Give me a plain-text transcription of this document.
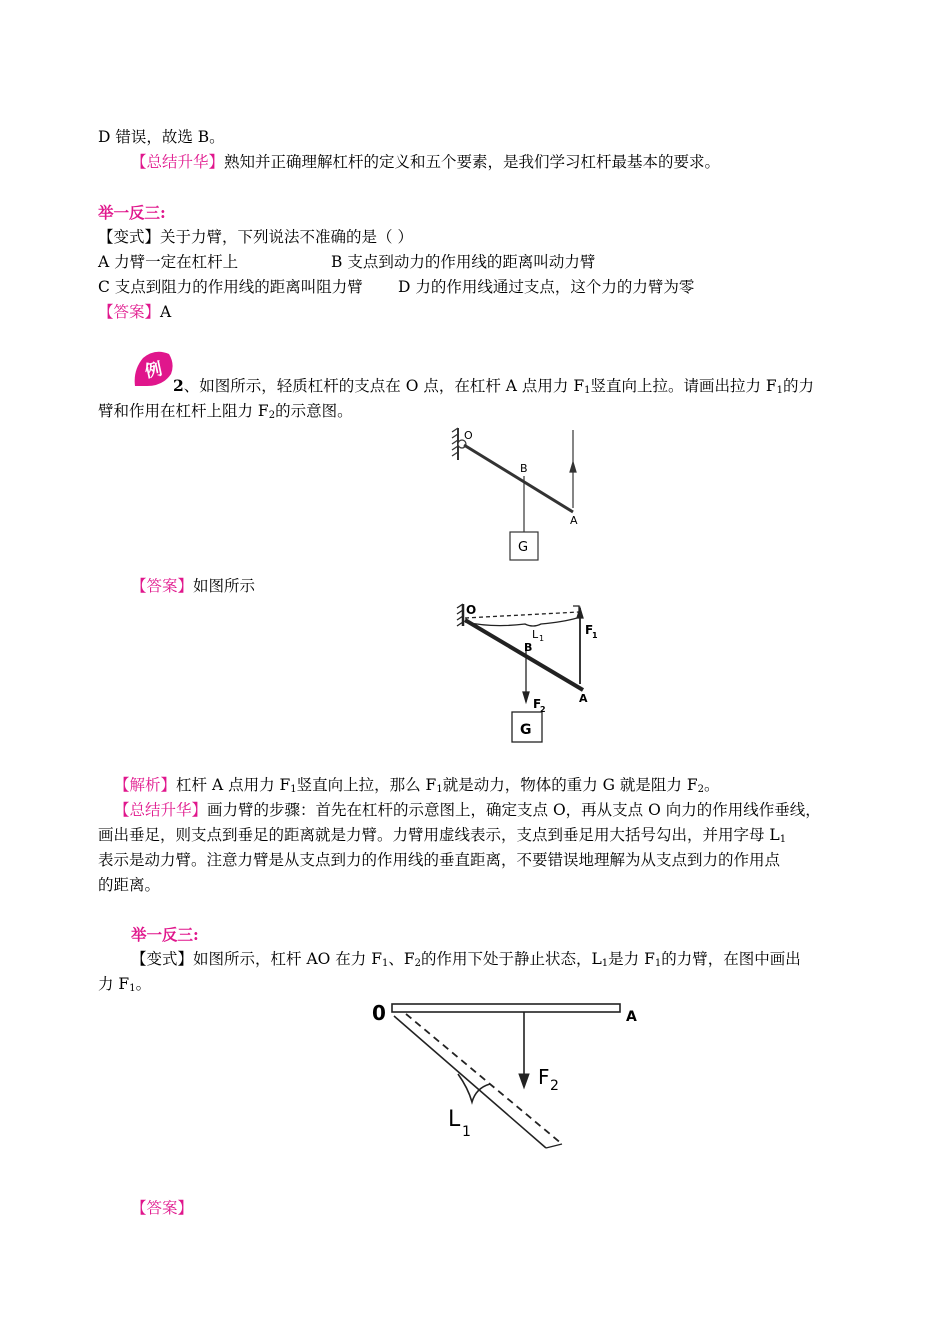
D 错误，故选 B。
【总结升华】熟知并正确理解杠杆的定义和五个要素，是我们学习杠杆最基本的要求。
举一反三:
【变式】关于力臂，下列说法不准确的是（ ）
A 力臂一定在杠杆上	B 支点到动力的作用线的距离叫动力臂
C 支点到阻力的作用线的距离叫阻力臂 D 力的作用线通过支点，这个力的力臂为零
【答案】A
例
2、如图所示，轻质杠杆的支点在 O 点，在杠杆 A 点用力 $F_1$竖直向上拉。请画出拉力 $F_1$的力
臂和作用在杠杆上阻力 $F_2$的示意图。
O
B
A
G
【答案】如图所示
O
B
A
G
L 1
F
1
F
2
【解析】杠杆 A 点用力 $F_1$竖直向上拉，那么 $F_1$就是动力，物体的重力 G 就是阻力 $F_2$。
【总结升华】画力臂的步骤：首先在杠杆的示意图上，确定支点 O，再从支点 O 向力的作用线作垂线，
画出垂足，则支点到垂足的距离就是力臂。力臂用虚线表示，支点到垂足用大括号勾出，并用字母 $L_1$
表示是动力臂。注意力臂是从支点到力的作用线的垂直距离，不要错误地理解为从支点到力的作用点
的距离。
举一反三:
【变式】如图所示，杠杆 AO 在力 $F_1$、$F_2$的作用下处于静止状态，$L_1$是力 $F_1$的力臂，在图中画出
力 $F_1$。
0	A
F 2
L 1
【答案】
